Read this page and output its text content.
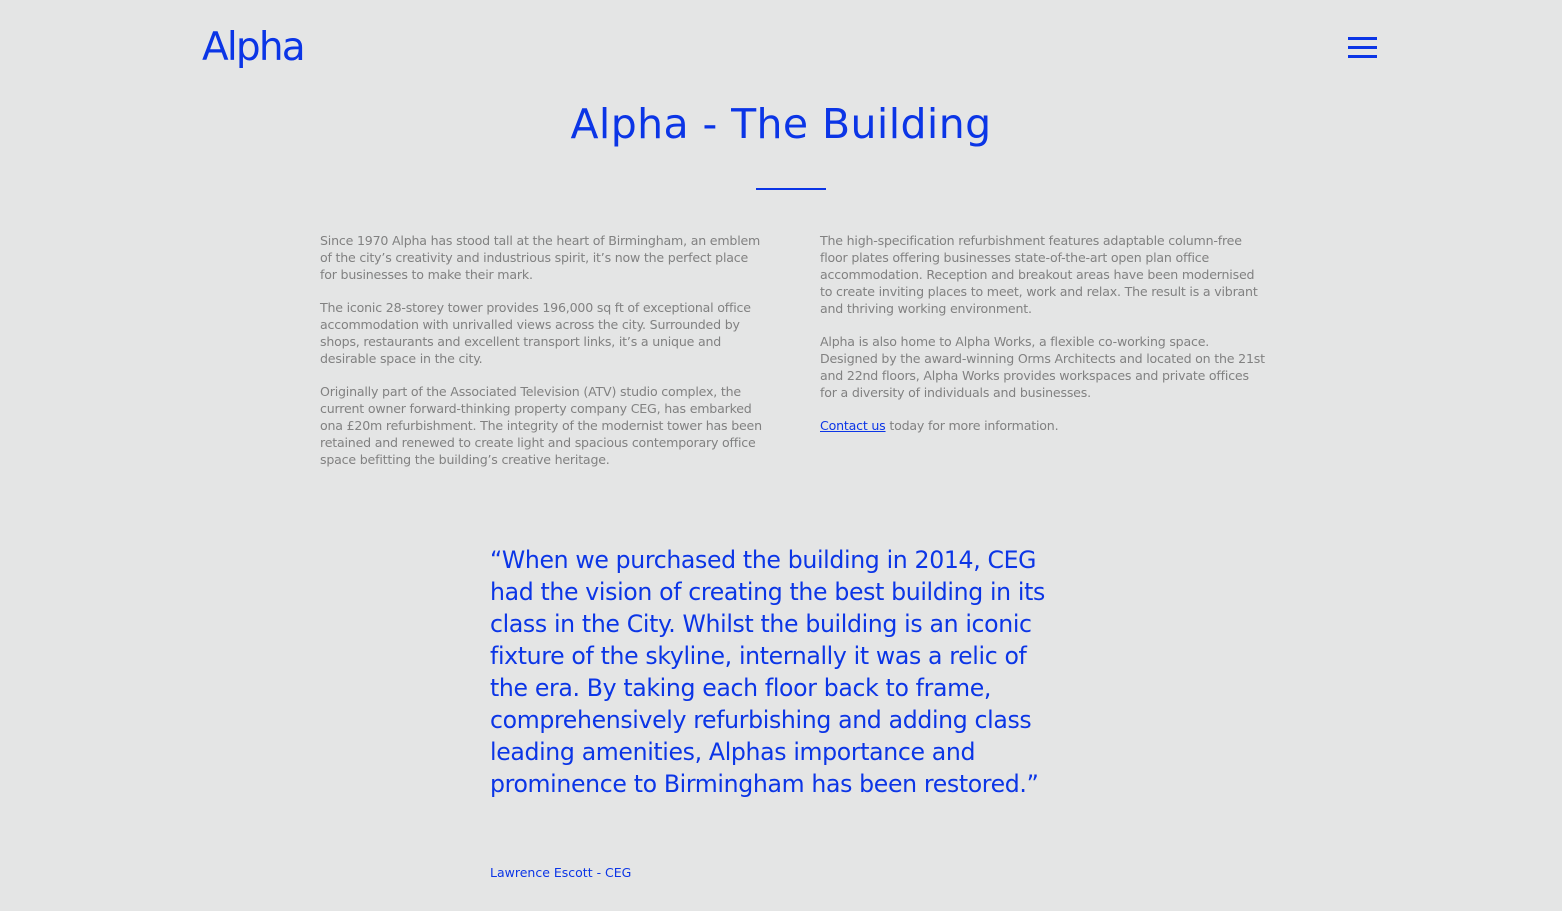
Alpha
Alpha - The Building

Since 1970 Alpha has stood tall at the heart of Birmingham, an emblem of the city’s creativity and industrious spirit, it’s now the perfect place for businesses to make their mark.

The iconic 28-storey tower provides 196,000 sq ft of exceptional office accommodation with unrivalled views across the city. Surrounded by shops, restaurants and excellent transport links, it’s a unique and desirable space in the city.

Originally part of the Associated Television (ATV) studio complex, the current owner forward-thinking property company CEG, has embarked ona £20m refurbishment. The integrity of the modernist tower has been retained and renewed to create light and spacious contemporary office space befitting the building’s creative heritage.

The high-specification refurbishment features adaptable column-free floor plates offering businesses state-of-the-art open plan office accommodation. Reception and breakout areas have been modernised to create inviting places to meet, work and relax. The result is a vibrant and thriving working environment.

Alpha is also home to Alpha Works, a flexible co-working space. Designed by the award-winning Orms Architects and located on the 21st and 22nd floors, Alpha Works provides workspaces and private offices for a diversity of individuals and businesses.

Contact us today for more information.

“When we purchased the building in 2014, CEG had the vision of creating the best building in its class in the City. Whilst the building is an iconic fixture of the skyline, internally it was a relic of the era. By taking each floor back to frame, comprehensively refurbishing and adding class leading amenities, Alphas importance and prominence to Birmingham has been restored.”
Lawrence Escott - CEG
